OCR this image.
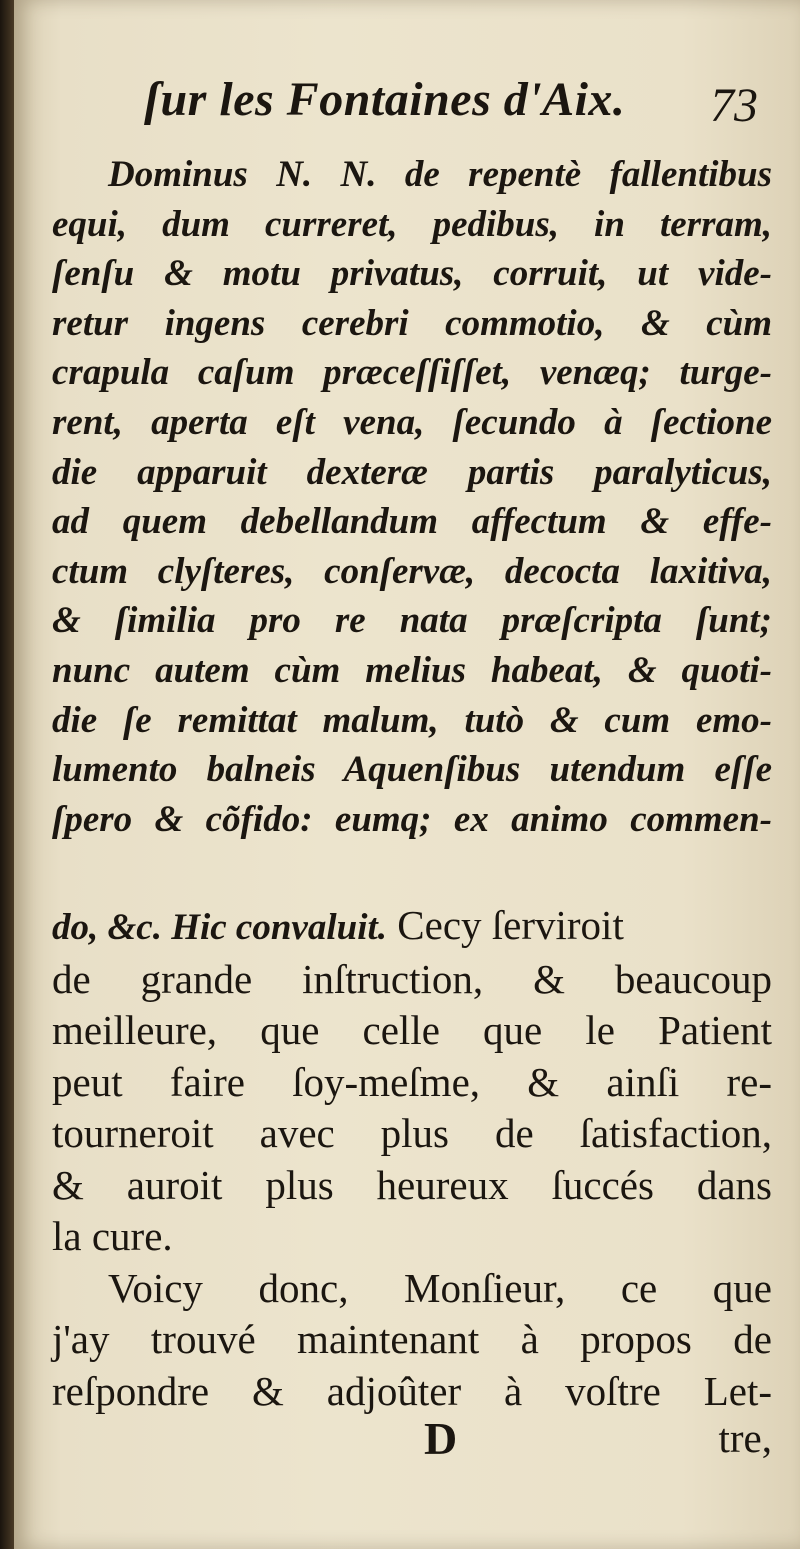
ſur les Fontaines d'Aix. 73
Dominus N. N. de repentè fallentibus
equi, dum curreret, pedibus, in terram,
ſenſu & motu privatus, corruit, ut vide-
retur ingens cerebri commotio, & cùm
crapula caſum præceſſiſſet, venæq; turge-
rent, aperta eſt vena, ſecundo à ſectione
die apparuit dexteræ partis paralyticus,
ad quem debellandum affectum & effe-
ctum clyſteres, conſervæ, decocta laxitiva,
& ſimilia pro re nata præſcripta ſunt;
nunc autem cùm melius habeat, & quoti-
die ſe remittat malum, tutò & cum emo-
lumento balneis Aquenſibus utendum eſſe
ſpero & cõfido: eumq; ex animo commen-
do, &c. Hic convaluit. Cecy ſerviroit
de grande inſtruction, & beaucoup
meilleure, que celle que le Patient
peut faire ſoy-meſme, & ainſi re-
tourneroit avec plus de ſatisfaction,
& auroit plus heureux ſuccés dans
la cure.
Voicy donc, Monſieur, ce que
j'ay trouvé maintenant à propos de
reſpondre & adjoûter à voſtre Let-
D	tre,
